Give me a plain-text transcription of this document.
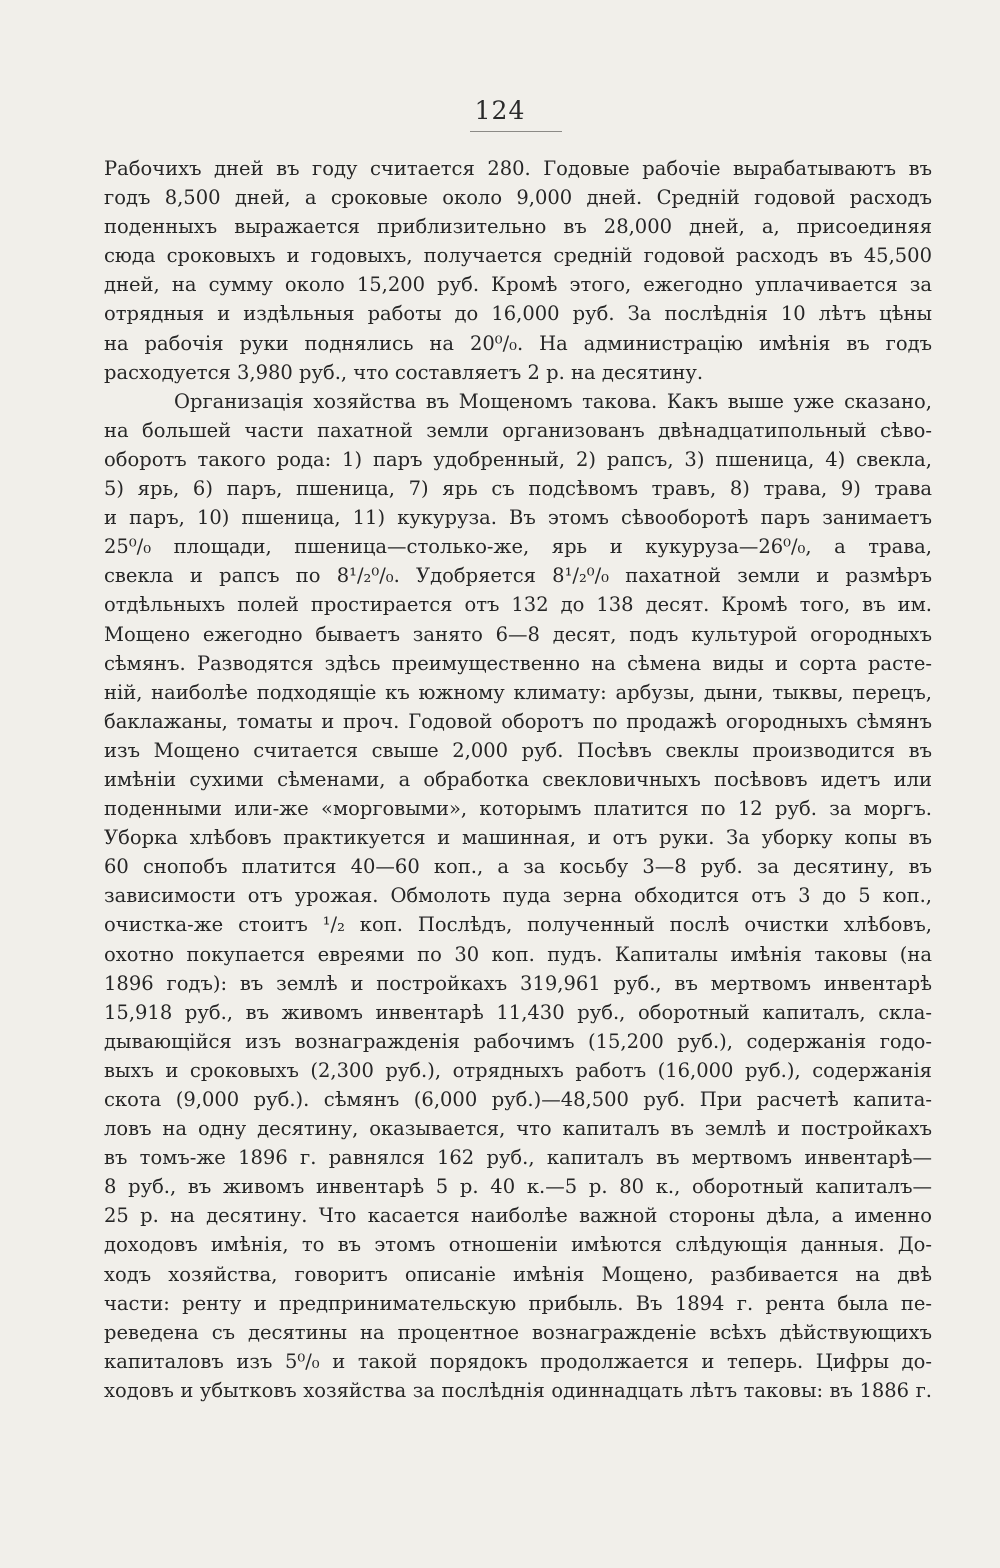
124
Рабочихъ дней въ году считается 280. Годовые рабочіе вырабатываютъ въ
годъ 8,500 дней, а сроковые около 9,000 дней. Средній годовой расходъ
поденныхъ выражается приблизительно въ 28,000 дней, а, присоединяя
сюда сроковыхъ и годовыхъ, получается средній годовой расходъ въ 45,500
дней, на сумму около 15,200 руб. Кромѣ этого, ежегодно уплачивается за
отрядныя и издѣльныя работы до 16,000 руб. За послѣднія 10 лѣтъ цѣны
на рабочія руки поднялись на 20⁰/₀. На администрацію имѣнія въ годъ
расходуется 3,980 руб., что составляетъ 2 р. на десятину.
Организація хозяйства въ Мощеномъ такова. Какъ выше уже сказано,
на большей части пахатной земли организованъ двѣнадцатипольный сѣво-
оборотъ такого рода: 1) паръ удобренный, 2) рапсъ, 3) пшеница, 4) свекла,
5) ярь, 6) паръ, пшеница, 7) ярь съ подсѣвомъ травъ, 8) трава, 9) трава
и паръ, 10) пшеница, 11) кукуруза. Въ этомъ сѣвооборотѣ паръ занимаетъ
25⁰/₀ площади, пшеница—столько-же, ярь и кукуруза—26⁰/₀, а трава,
свекла и рапсъ по 8¹/₂⁰/₀. Удобряется 8¹/₂⁰/₀ пахатной земли и размѣръ
отдѣльныхъ полей простирается отъ 132 до 138 десят. Кромѣ того, въ им.
Мощено ежегодно бываетъ занято 6—8 десят, подъ культурой огородныхъ
сѣмянъ. Разводятся здѣсь преимущественно на сѣмена виды и сорта расте-
ній, наиболѣе подходящіе къ южному климату: арбузы, дыни, тыквы, перецъ,
баклажаны, томаты и проч. Годовой оборотъ по продажѣ огородныхъ сѣмянъ
изъ Мощено считается свыше 2,000 руб. Посѣвъ свеклы производится въ
имѣніи сухими сѣменами, а обработка свекловичныхъ посѣвовъ идетъ или
поденными или-же «морговыми», которымъ платится по 12 руб. за моргъ.
Уборка хлѣбовъ практикуется и машинная, и отъ руки. За уборку копы въ
60 снопобъ платится 40—60 коп., а за косьбу 3—8 руб. за десятину, въ
зависимости отъ урожая. Обмолоть пуда зерна обходится отъ 3 до 5 коп.,
очистка-же стоитъ ¹/₂ коп. Послѣдъ, полученный послѣ очистки хлѣбовъ,
охотно покупается евреями по 30 коп. пудъ. Капиталы имѣнія таковы (на
1896 годъ): въ землѣ и постройкахъ 319,961 руб., въ мертвомъ инвентарѣ
15,918 руб., въ живомъ инвентарѣ 11,430 руб., оборотный капиталъ, скла-
дывающійся изъ вознагражденія рабочимъ (15,200 руб.), содержанія годо-
выхъ и сроковыхъ (2,300 руб.), отрядныхъ работъ (16,000 руб.), содержанія
скота (9,000 руб.). сѣмянъ (6,000 руб.)—48,500 руб. При расчетѣ капита-
ловъ на одну десятину, оказывается, что капиталъ въ землѣ и постройкахъ
въ томъ-же 1896 г. равнялся 162 руб., капиталъ въ мертвомъ инвентарѣ—
8 руб., въ живомъ инвентарѣ 5 р. 40 к.—5 р. 80 к., оборотный капиталъ—
25 р. на десятину. Что касается наиболѣе важной стороны дѣла, а именно
доходовъ имѣнія, то въ этомъ отношеніи имѣются слѣдующія данныя. До-
ходъ хозяйства, говоритъ описаніе имѣнія Мощено, разбивается на двѣ
части: ренту и предпринимательскую прибыль. Въ 1894 г. рента была пе-
реведена съ десятины на процентное вознагражденіе всѣхъ дѣйствующихъ
капиталовъ изъ 5⁰/₀ и такой порядокъ продолжается и теперь. Цифры до-
ходовъ и убытковъ хозяйства за послѣднія одиннадцать лѣтъ таковы: въ 1886 г.
